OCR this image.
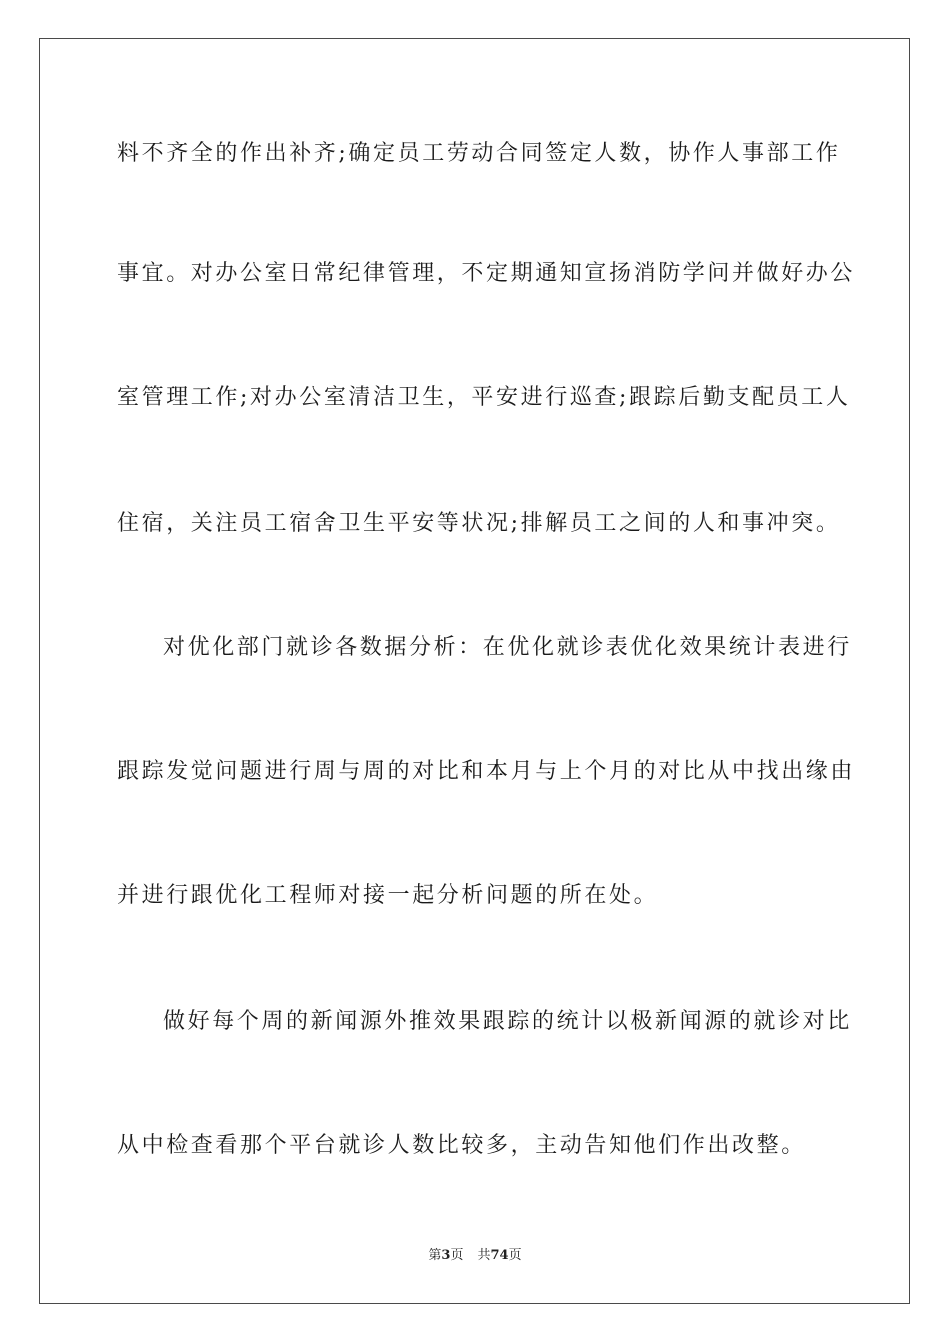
料不齐全的作出补齐;确定员工劳动合同签定人数，协作人事部工作
事宜。对办公室日常纪律管理，不定期通知宣扬消防学问并做好办公
室管理工作;对办公室清洁卫生，平安进行巡查;跟踪后勤支配员工人
住宿，关注员工宿舍卫生平安等状况;排解员工之间的人和事冲突。
对优化部门就诊各数据分析：在优化就诊表优化效果统计表进行
跟踪发觉问题进行周与周的对比和本月与上个月的对比从中找出缘由
并进行跟优化工程师对接一起分析问题的所在处。
做好每个周的新闻源外推效果跟踪的统计以极新闻源的就诊对比
从中检查看那个平台就诊人数比较多，主动告知他们作出改整。
第3页 共74页
